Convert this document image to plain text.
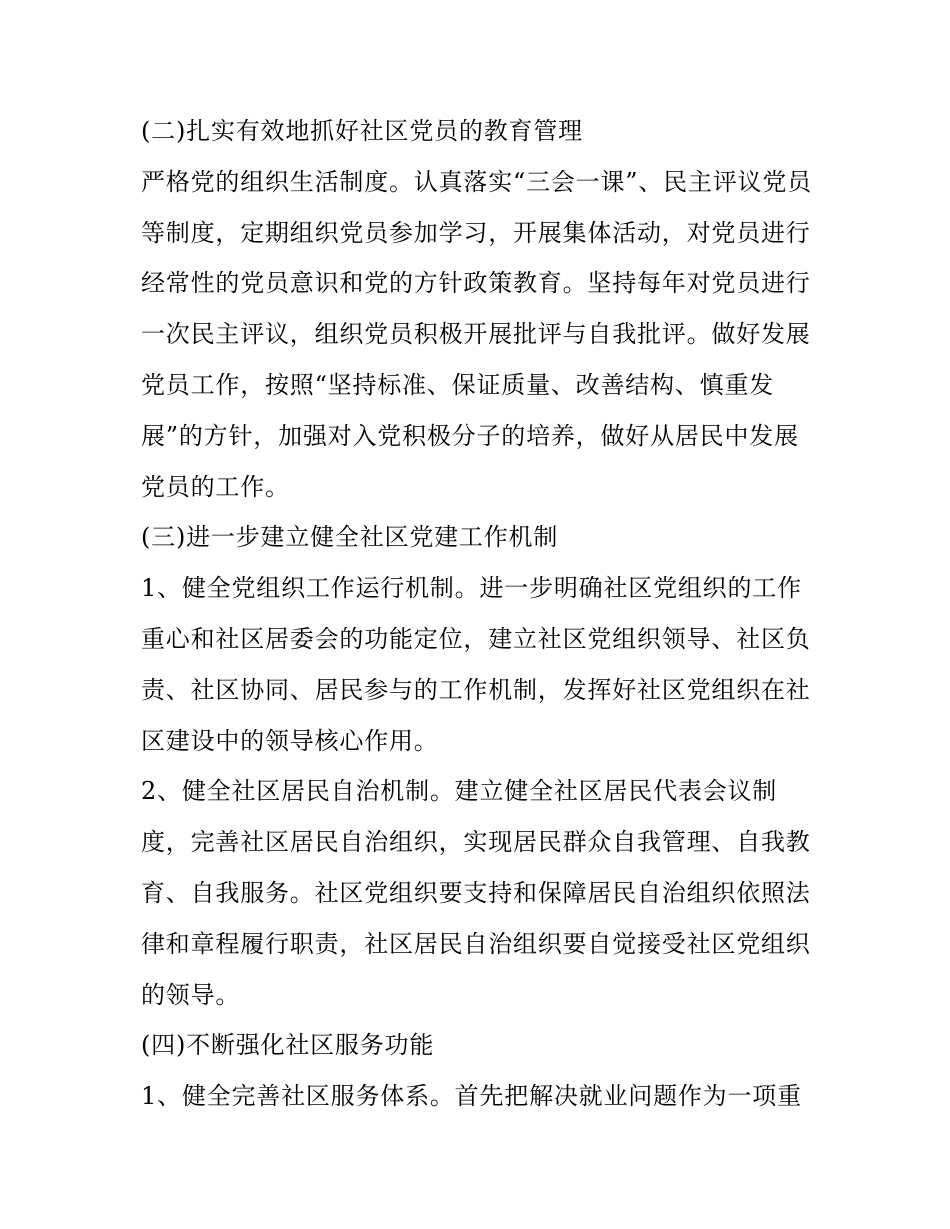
(二)扎实有效地抓好社区党员的教育管理
严格党的组织生活制度。认真落实“三会一课”、民主评议党员
等制度，定期组织党员参加学习，开展集体活动，对党员进行
经常性的党员意识和党的方针政策教育。坚持每年对党员进行
一次民主评议，组织党员积极开展批评与自我批评。做好发展
党员工作，按照“坚持标准、保证质量、改善结构、慎重发
展”的方针，加强对入党积极分子的培养，做好从居民中发展
党员的工作。
(三)进一步建立健全社区党建工作机制
1、健全党组织工作运行机制。进一步明确社区党组织的工作
重心和社区居委会的功能定位，建立社区党组织领导、社区负
责、社区协同、居民参与的工作机制，发挥好社区党组织在社
区建设中的领导核心作用。
2、健全社区居民自治机制。建立健全社区居民代表会议制
度，完善社区居民自治组织，实现居民群众自我管理、自我教
育、自我服务。社区党组织要支持和保障居民自治组织依照法
律和章程履行职责，社区居民自治组织要自觉接受社区党组织
的领导。
(四)不断强化社区服务功能
1、健全完善社区服务体系。首先把解决就业问题作为一项重
